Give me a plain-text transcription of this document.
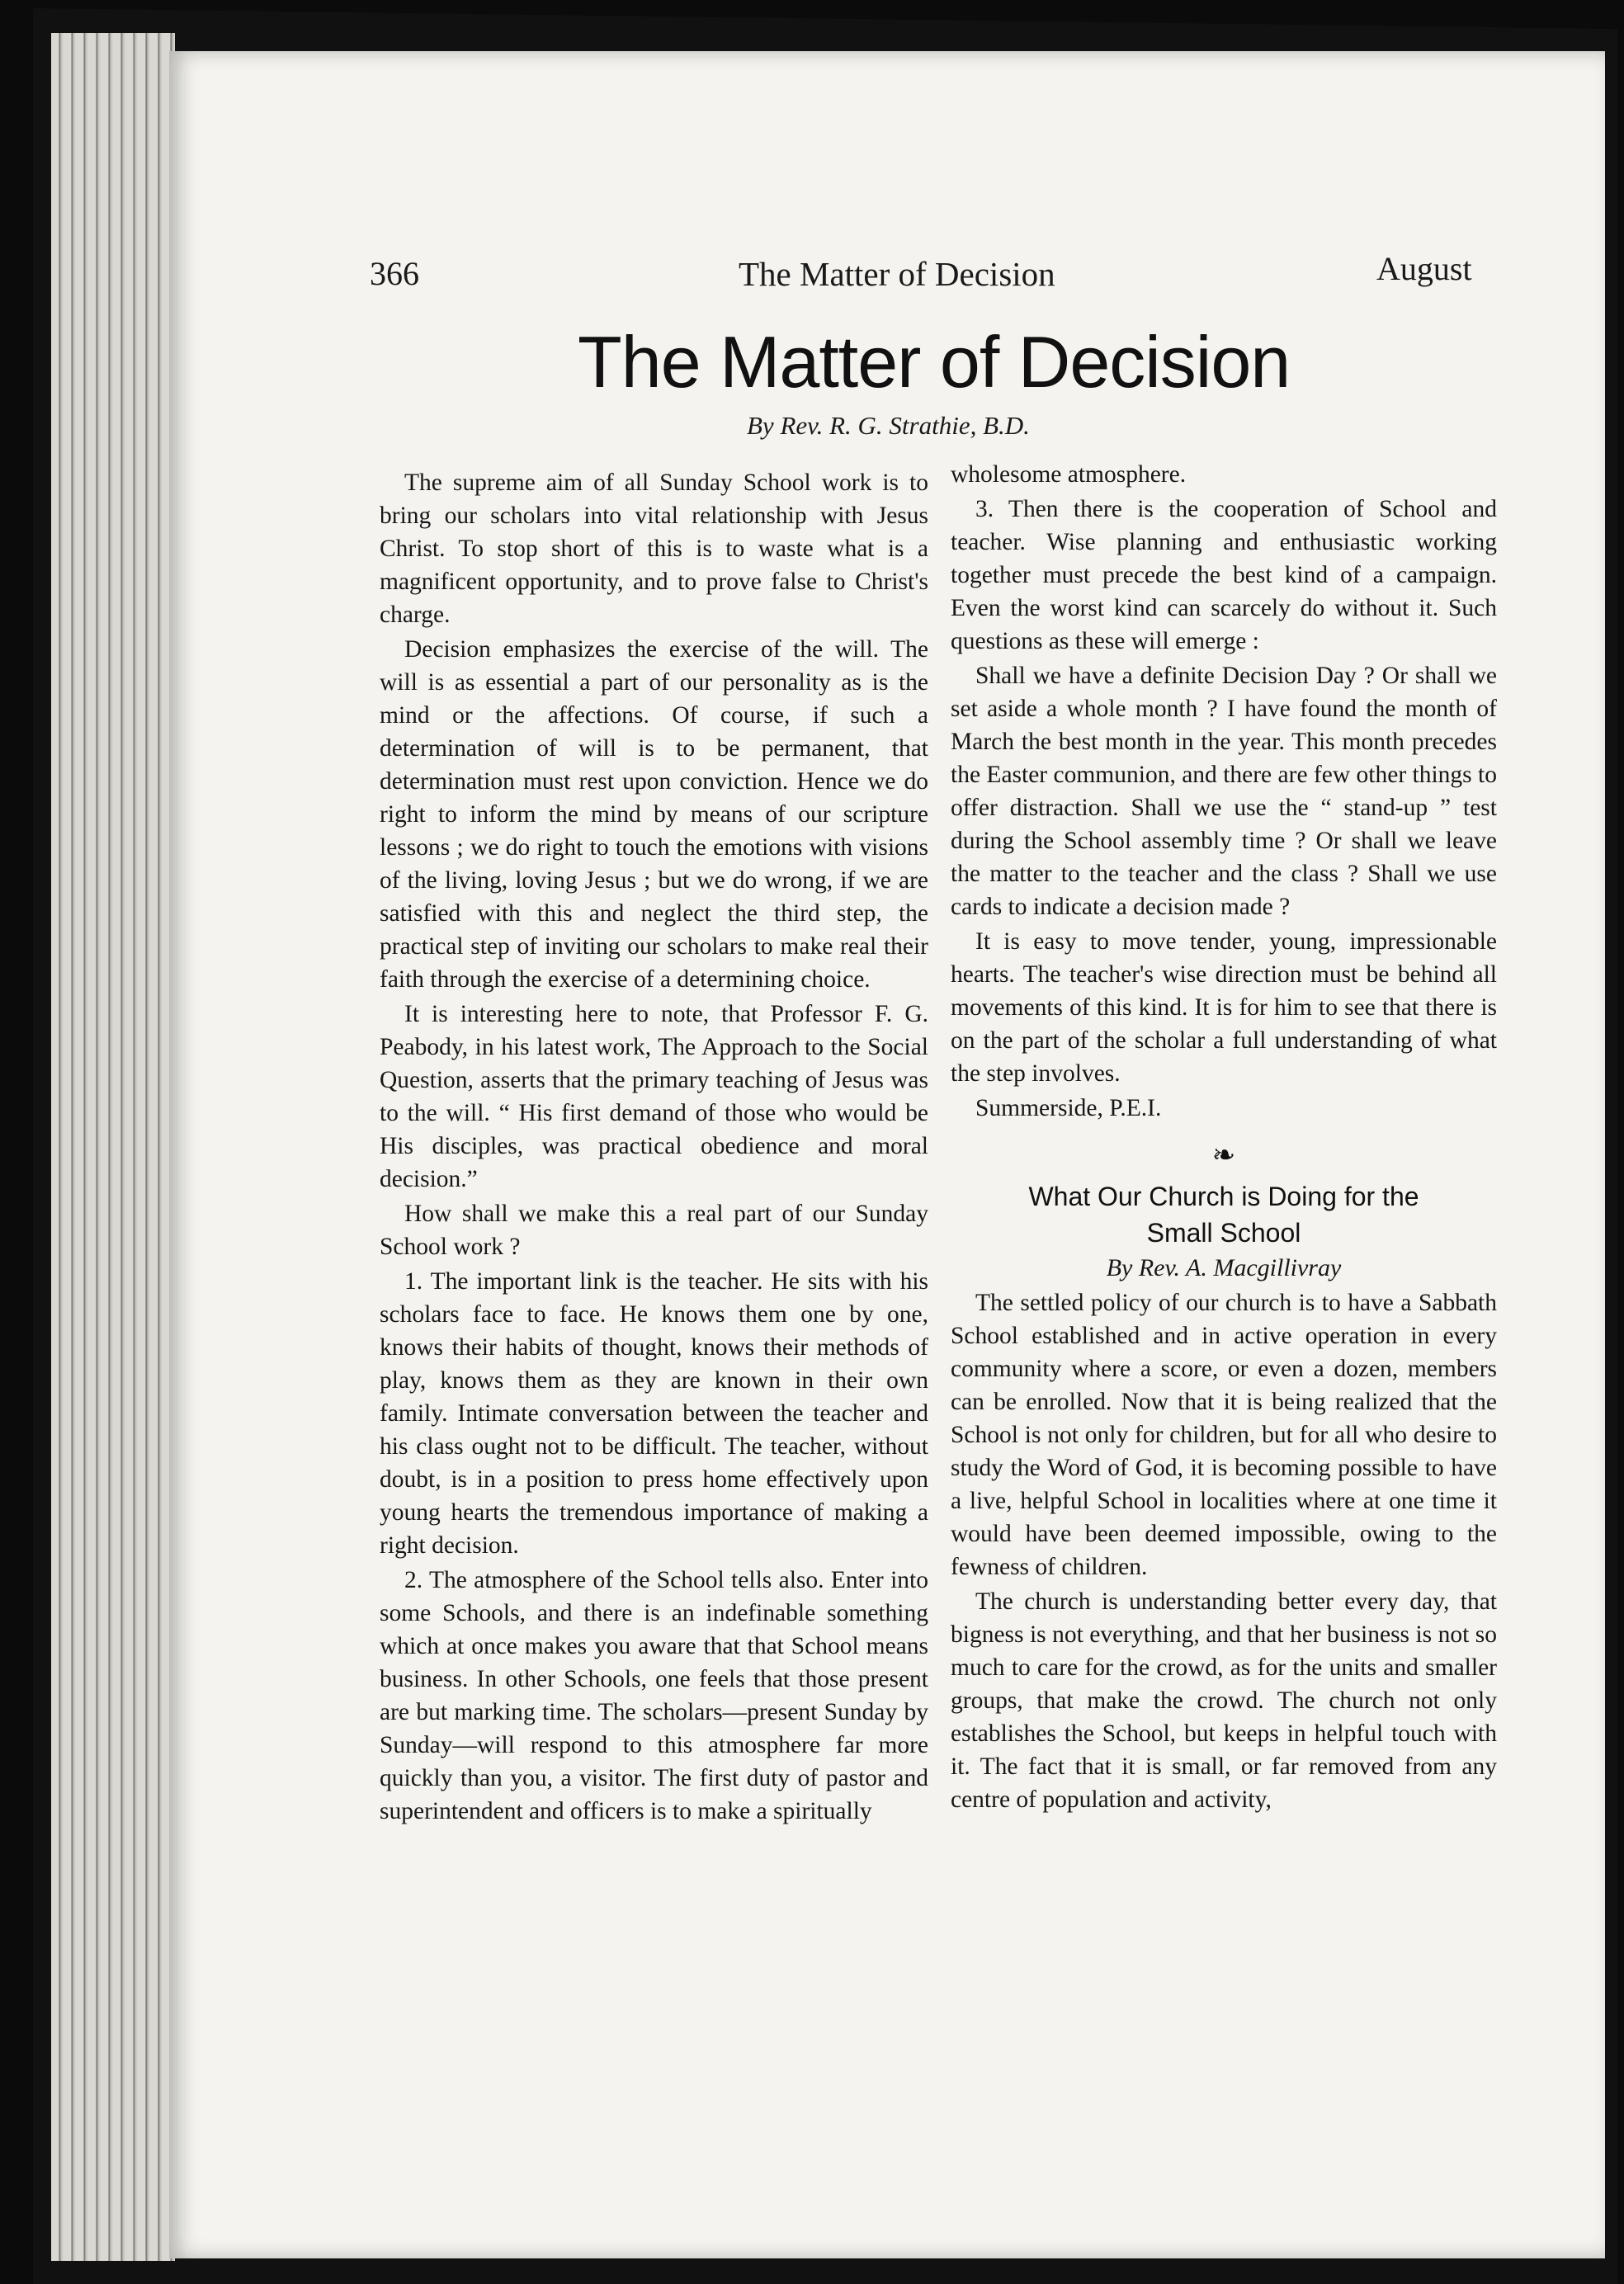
366	The Matter of Decision	August
The Matter of Decision
By Rev. R. G. Strathie, B.D.

The supreme aim of all Sunday School work is to bring our scholars into vital relationship with Jesus Christ. To stop short of this is to waste what is a magnificent opportunity, and to prove false to Christ's charge.

Decision emphasizes the exercise of the will. The will is as essential a part of our personality as is the mind or the affections. Of course, if such a determination of will is to be permanent, that determination must rest upon conviction. Hence we do right to inform the mind by means of our scripture lessons ; we do right to touch the emotions with visions of the living, loving Jesus ; but we do wrong, if we are satisfied with this and neglect the third step, the practical step of inviting our scholars to make real their faith through the exercise of a determining choice.

It is interesting here to note, that Professor F. G. Peabody, in his latest work, The Approach to the Social Question, asserts that the primary teaching of Jesus was to the will. “ His first demand of those who would be His disciples, was practical obedience and moral decision.”

How shall we make this a real part of our Sunday School work ?

1. The important link is the teacher. He sits with his scholars face to face. He knows them one by one, knows their habits of thought, knows their methods of play, knows them as they are known in their own family. Intimate conversation between the teacher and his class ought not to be difficult. The teacher, without doubt, is in a position to press home effectively upon young hearts the tremendous importance of making a right decision.

2. The atmosphere of the School tells also. Enter into some Schools, and there is an indefinable something which at once makes you aware that that School means business. In other Schools, one feels that those present are but marking time. The scholars—present Sunday by Sunday—will respond to this atmosphere far more quickly than you, a visitor. The first duty of pastor and superintendent and officers is to make a spiritually

wholesome atmosphere.

3. Then there is the cooperation of School and teacher. Wise planning and enthusiastic working together must precede the best kind of a campaign. Even the worst kind can scarcely do without it. Such questions as these will emerge :

Shall we have a definite Decision Day ? Or shall we set aside a whole month ? I have found the month of March the best month in the year. This month precedes the Easter communion, and there are few other things to offer distraction. Shall we use the “ stand-up ” test during the School assembly time ? Or shall we leave the matter to the teacher and the class ? Shall we use cards to indicate a decision made ?

It is easy to move tender, young, impressionable hearts. The teacher's wise direction must be behind all movements of this kind. It is for him to see that there is on the part of the scholar a full understanding of what the step involves.

Summerside, P.E.I.

❧

What Our Church is Doing for the

Small School

By Rev. A. Macgillivray

The settled policy of our church is to have a Sabbath School established and in active operation in every community where a score, or even a dozen, members can be enrolled. Now that it is being realized that the School is not only for children, but for all who desire to study the Word of God, it is becoming possible to have a live, helpful School in localities where at one time it would have been deemed impossible, owing to the fewness of children.

The church is understanding better every day, that bigness is not everything, and that her business is not so much to care for the crowd, as for the units and smaller groups, that make the crowd. The church not only establishes the School, but keeps in helpful touch with it. The fact that it is small, or far removed from any centre of population and activity,
